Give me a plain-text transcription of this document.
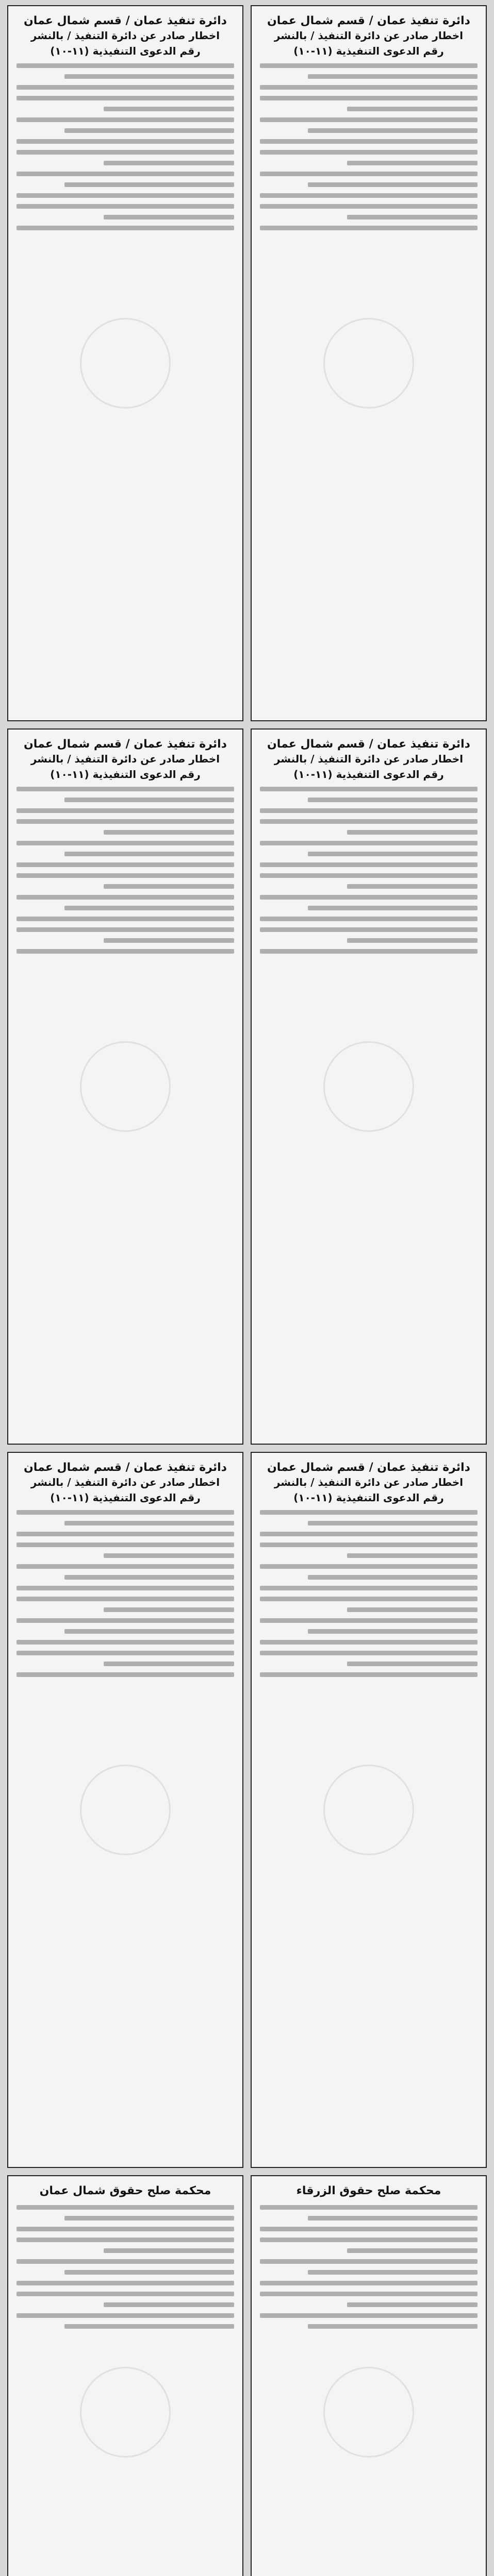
دائرة تنفيذ عمان / قسم شمال عمان
اخطار صادر عن دائرة التنفيذ / بالنشر
رقم الدعوى التنفيذية (١١-١٠)
دائرة تنفيذ عمان / قسم شمال عمان
اخطار صادر عن دائرة التنفيذ / بالنشر
رقم الدعوى التنفيذية (١١-١٠)
دائرة تنفيذ عمان / قسم شمال عمان
اخطار صادر عن دائرة التنفيذ / بالنشر
رقم الدعوى التنفيذية (١١-١٠)
دائرة تنفيذ عمان / قسم شمال عمان
اخطار صادر عن دائرة التنفيذ / بالنشر
رقم الدعوى التنفيذية (١١-١٠)
دائرة تنفيذ عمان / قسم شمال عمان
اخطار صادر عن دائرة التنفيذ / بالنشر
رقم الدعوى التنفيذية (١١-١٠)
دائرة تنفيذ عمان / قسم شمال عمان
اخطار صادر عن دائرة التنفيذ / بالنشر
رقم الدعوى التنفيذية (١١-١٠)
محكمة صلح حقوق الزرقاء
محكمة صلح حقوق شمال عمان
